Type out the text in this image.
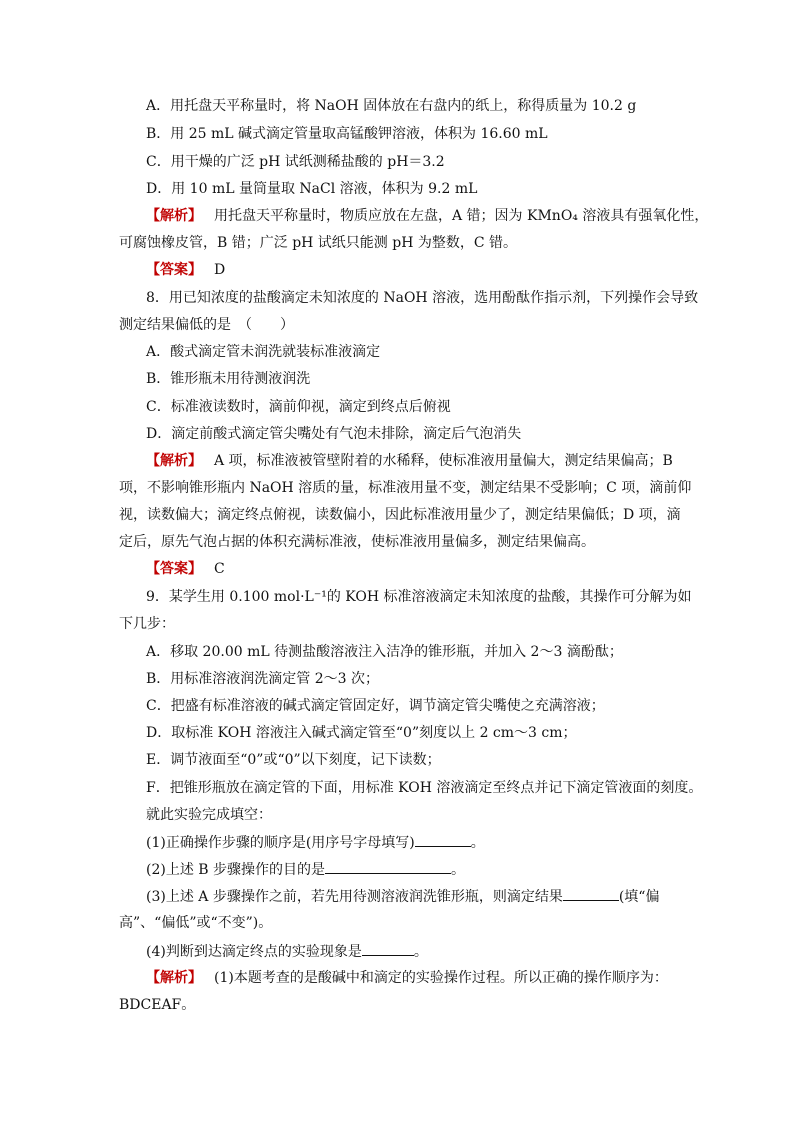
A．用托盘天平称量时，将 NaOH 固体放在右盘内的纸上，称得质量为 10.2 g
B．用 25 mL 碱式滴定管量取高锰酸钾溶液，体积为 16.60 mL
C．用干燥的广泛 pH 试纸测稀盐酸的 pH＝3.2
D．用 10 mL 量筒量取 NaCl 溶液，体积为 9.2 mL
【解析】 用托盘天平称量时，物质应放在左盘，A 错；因为 KMnO₄ 溶液具有强氧化性，
可腐蚀橡皮管，B 错；广泛 pH 试纸只能测 pH 为整数，C 错。
【答案】 D
8．用已知浓度的盐酸滴定未知浓度的 NaOH 溶液，选用酚酞作指示剂，下列操作会导致
测定结果偏低的是　（　　）
A．酸式滴定管未润洗就装标准液滴定
B．锥形瓶未用待测液润洗
C．标准液读数时，滴前仰视，滴定到终点后俯视
D．滴定前酸式滴定管尖嘴处有气泡未排除，滴定后气泡消失
【解析】 A 项，标准液被管壁附着的水稀释，使标准液用量偏大，测定结果偏高；B
项，不影响锥形瓶内 NaOH 溶质的量，标准液用量不变，测定结果不受影响；C 项，滴前仰
视，读数偏大；滴定终点俯视，读数偏小，因此标准液用量少了，测定结果偏低；D 项，滴
定后，原先气泡占据的体积充满标准液，使标准液用量偏多，测定结果偏高。
【答案】 C
9．某学生用 0.100 mol·L⁻¹的 KOH 标准溶液滴定未知浓度的盐酸，其操作可分解为如
下几步：
A．移取 20.00 mL 待测盐酸溶液注入洁净的锥形瓶，并加入 2～3 滴酚酞；
B．用标准溶液润洗滴定管 2～3 次；
C．把盛有标准溶液的碱式滴定管固定好，调节滴定管尖嘴使之充满溶液；
D．取标准 KOH 溶液注入碱式滴定管至“0”刻度以上 2 cm～3 cm；
E．调节液面至“0”或“0”以下刻度，记下读数；
F．把锥形瓶放在滴定管的下面，用标准 KOH 溶液滴定至终点并记下滴定管液面的刻度。
就此实验完成填空：
(1)正确操作步骤的顺序是(用序号字母填写)	。
(2)上述 B 步骤操作的目的是	。
(3)上述 A 步骤操作之前，若先用待测溶液润洗锥形瓶，则滴定结果	(填“偏
高”、“偏低”或“不变”)。
(4)判断到达滴定终点的实验现象是	。
【解析】 (1)本题考查的是酸碱中和滴定的实验操作过程。所以正确的操作顺序为：
BDCEAF。
